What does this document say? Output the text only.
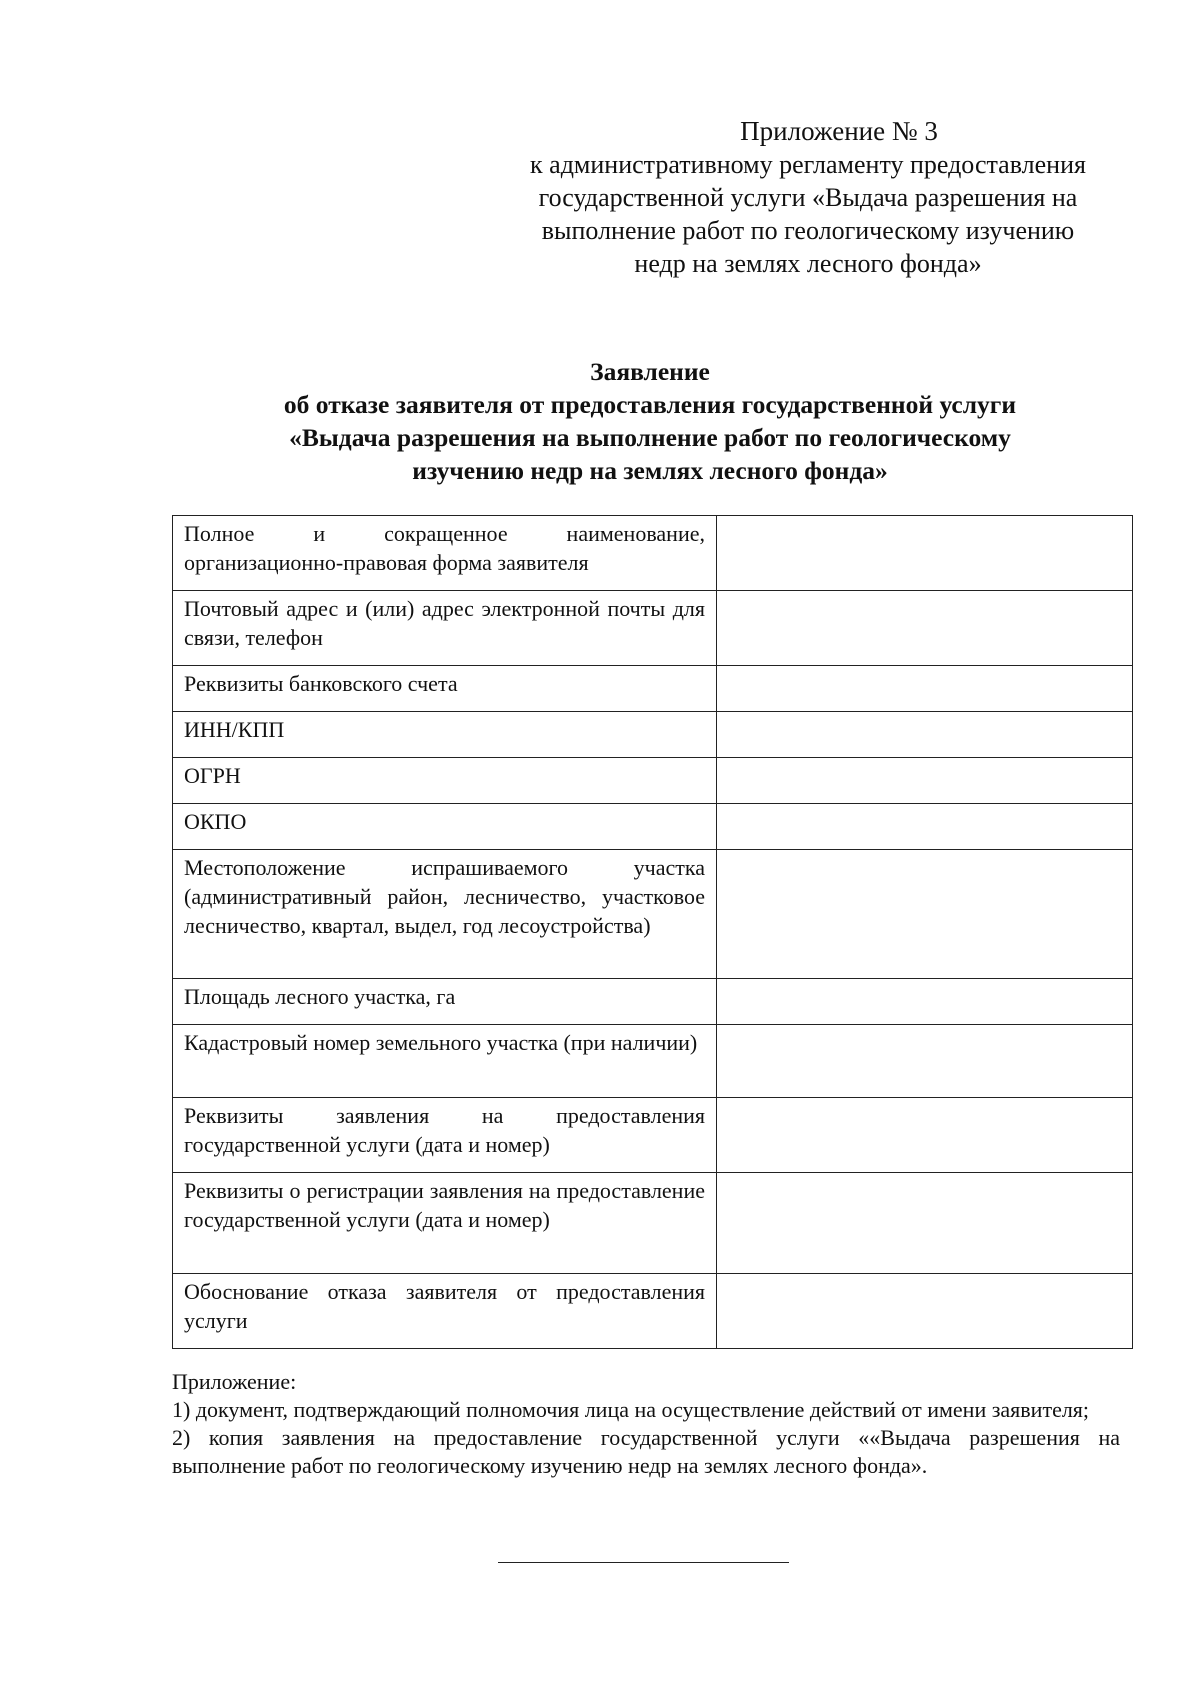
Приложение № 3
к административному регламенту предоставления
государственной услуги «Выдача разрешения на
выполнение работ по геологическому изучению
недр на землях лесного фонда»
Заявление
об отказе заявителя от предоставления государственной услуги
«Выдача разрешения на выполнение работ по геологическому
изучению недр на землях лесного фонда»
Полное и сокращенное наименование, организационно-правовая форма заявителя	
Почтовый адрес и (или) адрес электронной почты для связи, телефон	
Реквизиты банковского счета	
ИНН/КПП	
ОГРН	
ОКПО	
Местоположение испрашиваемого участка (административный район, лесничество, участковое лесничество, квартал, выдел, год лесоустройства)	
Площадь лесного участка, га	
Кадастровый номер земельного участка (при наличии)	
Реквизиты заявления на предоставления государственной услуги (дата и номер)	
Реквизиты о регистрации заявления на предоставление государственной услуги (дата и номер)	
Обоснование отказа заявителя от предоставления услуги	

Приложение:

1) документ, подтверждающий полномочия лица на осуществление действий от имени заявителя;

2) копия заявления на предоставление государственной услуги ««Выдача разрешения на выполнение работ по геологическому изучению недр на землях лесного фонда».
